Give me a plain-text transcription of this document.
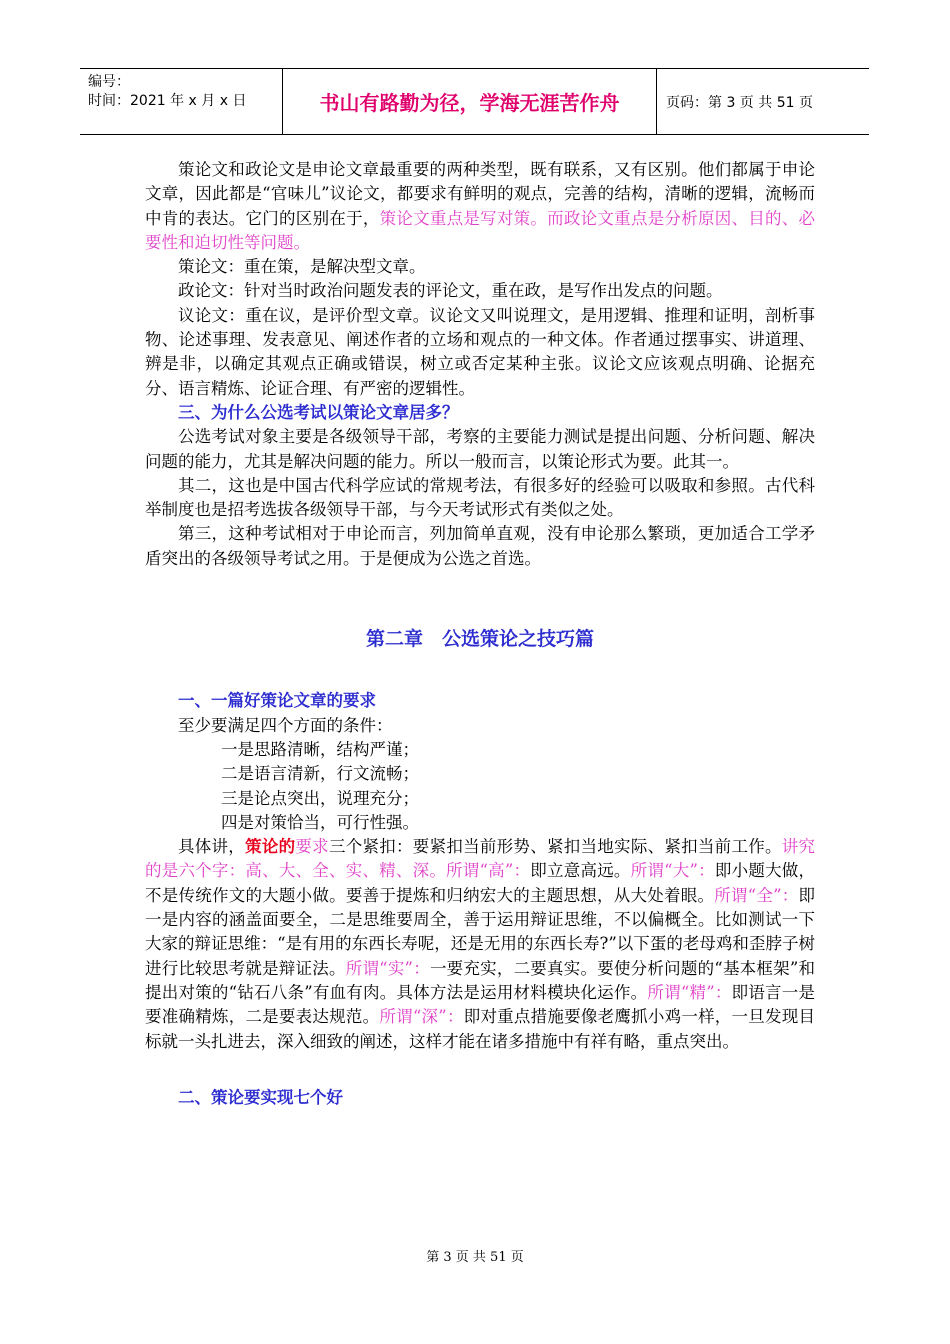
编号：
时间：2021 年 x 月 x 日	书山有路勤为径，学海无涯苦作舟	页码：第 3 页 共 51 页

策论文和政论文是申论文章最重要的两种类型，既有联系，又有区别。他们都属于申论文章，因此都是“官味儿”议论文，都要求有鲜明的观点，完善的结构，清晰的逻辑，流畅而中肯的表达。它门的区别在于，策论文重点是写对策。而政论文重点是分析原因、目的、必要性和迫切性等问题。

策论文：重在策，是解决型文章。

政论文：针对当时政治问题发表的评论文，重在政，是写作出发点的问题。

议论文：重在议，是评价型文章。议论文又叫说理文，是用逻辑、推理和证明，剖析事物、论述事理、发表意见、阐述作者的立场和观点的一种文体。作者通过摆事实、讲道理、辨是非，以确定其观点正确或错误，树立或否定某种主张。议论文应该观点明确、论据充分、语言精炼、论证合理、有严密的逻辑性。

三、为什么公选考试以策论文章居多？

公选考试对象主要是各级领导干部，考察的主要能力测试是提出问题、分析问题、解决问题的能力，尤其是解决问题的能力。所以一般而言，以策论形式为要。此其一。

其二，这也是中国古代科学应试的常规考法，有很多好的经验可以吸取和参照。古代科举制度也是招考选拔各级领导干部，与今天考试形式有类似之处。

第三，这种考试相对于申论而言，列加简单直观，没有申论那么繁琐，更加适合工学矛盾突出的各级领导考试之用。于是便成为公选之首选。

第二章　公选策论之技巧篇

一、一篇好策论文章的要求

至少要满足四个方面的条件：

一是思路清晰，结构严谨；

二是语言清新，行文流畅；

三是论点突出，说理充分；

四是对策恰当，可行性强。

具体讲，策论的要求三个紧扣：要紧扣当前形势、紧扣当地实际、紧扣当前工作。讲究的是六个字：高、大、全、实、精、深。所谓“高”：即立意高远。所谓“大”：即小题大做，不是传统作文的大题小做。要善于提炼和归纳宏大的主题思想，从大处着眼。所谓“全”：即一是内容的涵盖面要全，二是思维要周全，善于运用辩证思维，不以偏概全。比如测试一下大家的辩证思维：“是有用的东西长寿呢，还是无用的东西长寿?”以下蛋的老母鸡和歪脖子树进行比较思考就是辩证法。所谓“实”：一要充实，二要真实。要使分析问题的“基本框架”和提出对策的“钻石八条”有血有肉。具体方法是运用材料模块化运作。所谓“精”：即语言一是要准确精炼，二是要表达规范。所谓“深”：即对重点措施要像老鹰抓小鸡一样，一旦发现目标就一头扎进去，深入细致的阐述，这样才能在诸多措施中有祥有略，重点突出。

二、策论要实现七个好

第 3 页 共 51 页
